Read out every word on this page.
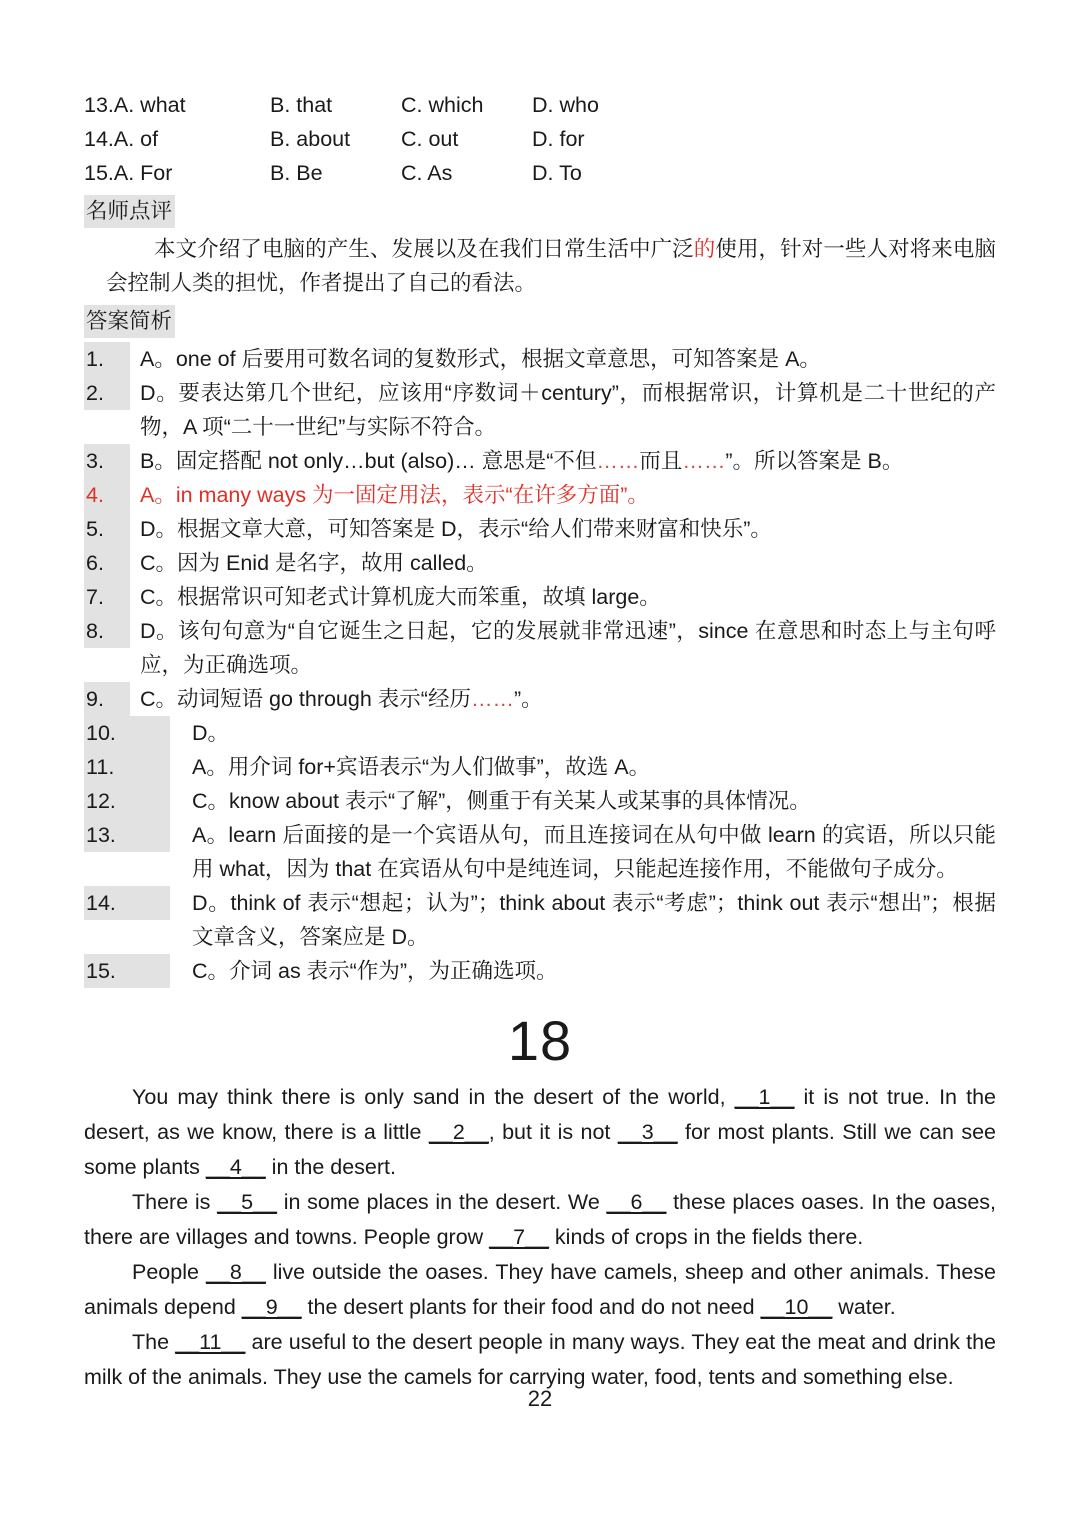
13.A. what	B. that	C. which	D. who
14.A. of	B. about	C. out	D. for
15.A. For	B. Be	C. As	D. To
名师点评
本文介绍了电脑的产生、发展以及在我们日常生活中广泛的使用，针对一些人对将来电脑会控制人类的担忧，作者提出了自己的看法。
答案简析
1.	A。one of 后要用可数名词的复数形式，根据文章意思，可知答案是 A。
2.	D。要表达第几个世纪，应该用“序数词＋century”，而根据常识，计算机是二十世纪的产物，A 项“二十一世纪”与实际不符合。
3.	B。固定搭配 not only…but (also)… 意思是“不但……而且……”。所以答案是 B。
4.	A。in many ways 为一固定用法，表示“在许多方面”。
5.	D。根据文章大意，可知答案是 D，表示“给人们带来财富和快乐”。
6.	C。因为 Enid 是名字，故用 called。
7.	C。根据常识可知老式计算机庞大而笨重，故填 large。
8.	D。该句句意为“自它诞生之日起，它的发展就非常迅速”，since 在意思和时态上与主句呼应，为正确选项。
9.	C。动词短语 go through 表示“经历……”。
10.	D。
11.	A。用介词 for+宾语表示“为人们做事”，故选 A。
12.	C。know about 表示“了解”，侧重于有关某人或某事的具体情况。
13.	A。learn 后面接的是一个宾语从句，而且连接词在从句中做 learn 的宾语，所以只能用 what，因为 that 在宾语从句中是纯连词，只能起连接作用，不能做句子成分。
14.	D。think of 表示“想起；认为”；think about 表示“考虑”；think out 表示“想出”；根据文章含义，答案应是 D。
15.	C。介词 as 表示“作为”，为正确选项。
18

You may think there is only sand in the desert of the world, __1__ it is not true. In the desert, as we know, there is a little __2__, but it is not __3__ for most plants. Still we can see some plants __4__ in the desert.

There is __5__ in some places in the desert. We __6__ these places oases. In the oases, there are villages and towns. People grow __7__ kinds of crops in the fields there.

People __8__ live outside the oases. They have camels, sheep and other animals. These animals depend __9__ the desert plants for their food and do not need __10__ water.

The __11__ are useful to the desert people in many ways. They eat the meat and drink the milk of the animals. They use the camels for carrying water, food, tents and something else.

22
